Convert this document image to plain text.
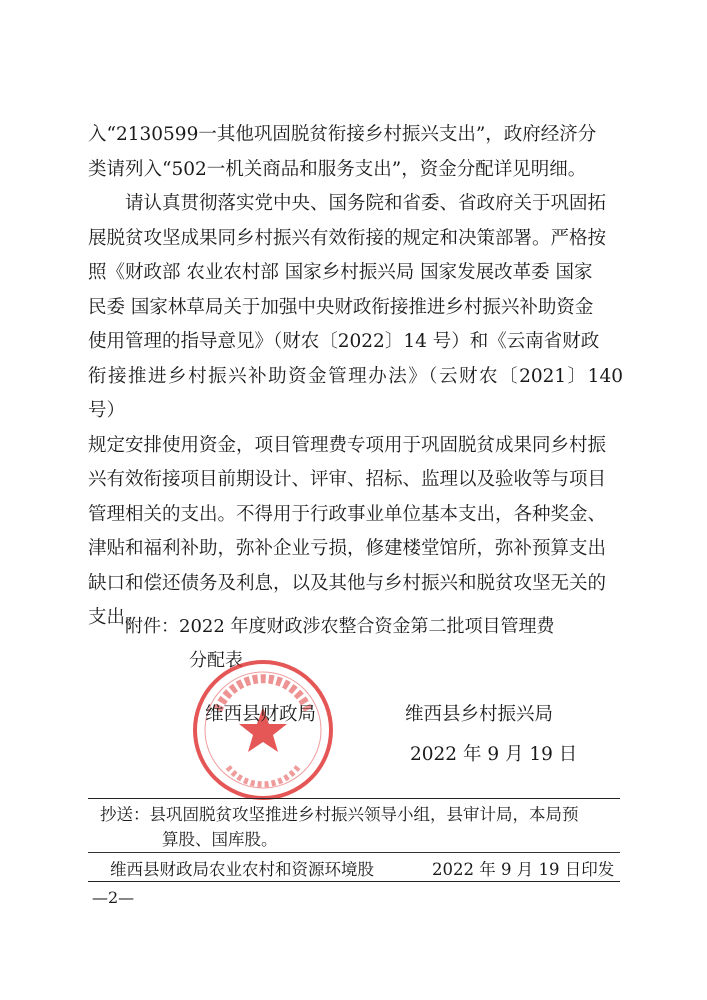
入“2130599一其他巩固脱贫衔接乡村振兴支出”，政府经济分
类请列入“502一机关商品和服务支出”，资金分配详见明细。

请认真贯彻落实党中央、国务院和省委、省政府关于巩固拓
展脱贫攻坚成果同乡村振兴有效衔接的规定和决策部署。严格按
照《财政部 农业农村部 国家乡村振兴局 国家发展改革委 国家
民委 国家林草局关于加强中央财政衔接推进乡村振兴补助资金
使用管理的指导意见》（财农〔2022〕14 号）和《云南省财政
衔接推进乡村振兴补助资金管理办法》（云财农〔2021〕140 号）
规定安排使用资金，项目管理费专项用于巩固脱贫成果同乡村振
兴有效衔接项目前期设计、评审、招标、监理以及验收等与项目
管理相关的支出。不得用于行政事业单位基本支出，各种奖金、
津贴和福利补助，弥补企业亏损，修建楼堂馆所，弥补预算支出
缺口和偿还债务及利息，以及其他与乡村振兴和脱贫攻坚无关的
支出。

附件：2022 年度财政涉农整合资金第二批项目管理费
分配表
维西县财政局	维西县乡村振兴局
2022 年 9 月 19 日
抄送：县巩固脱贫攻坚推进乡村振兴领导小组，县审计局，本局预
算股、国库股。
维西县财政局农业农村和资源环境股	2022 年 9 月 19 日印发
—2—
